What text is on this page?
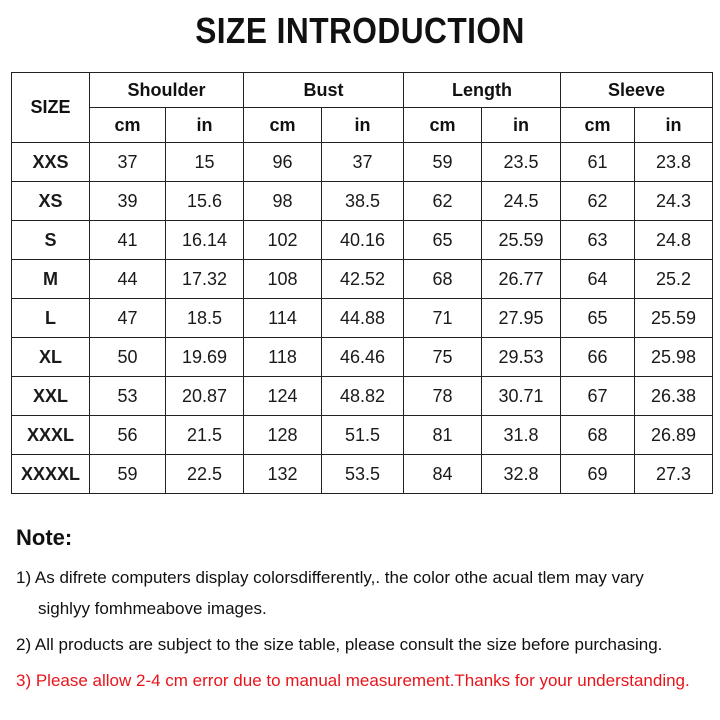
SIZE INTRODUCTION
SIZE	Shoulder		Bust		Length		Sleeve	
	cm	in	cm	in	cm	in	cm	in
XXS	37	15	96	37	59	23.5	61	23.8
XS	39	15.6	98	38.5	62	24.5	62	24.3
S	41	16.14	102	40.16	65	25.59	63	24.8
M	44	17.32	108	42.52	68	26.77	64	25.2
L	47	18.5	114	44.88	71	27.95	65	25.59
XL	50	19.69	118	46.46	75	29.53	66	25.98
XXL	53	20.87	124	48.82	78	30.71	67	26.38
XXXL	56	21.5	128	51.5	81	31.8	68	26.89
XXXXL	59	22.5	132	53.5	84	32.8	69	27.3
Note:
1) As difrete computers display colorsdifferently,. the color othe acual tlem may vary
sighlyy fomhmeabove images.
2) All products are subject to the size table, please consult the size before purchasing.
3) Please allow 2-4 cm error due to manual measurement.Thanks for your understanding.
